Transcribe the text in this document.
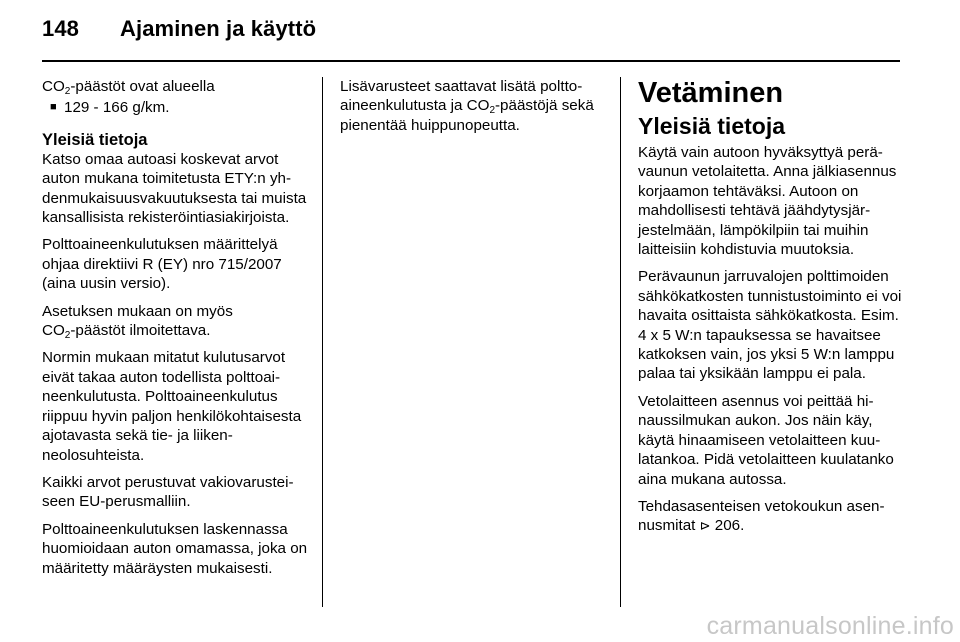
148	Ajaminen ja käyttö

$CO_2$-päästöt ovat alueella

■ 129 - 166 g/km.
Yleisiä tietoja

Katso omaa autoasi koskevat arvot auton mukana toimitetusta ETY:n yhdenmukaisuusvakuutuksesta tai muista kansallisista rekisteröintiasiakirjoista.

Polttoaineenkulutuksen määrittelyä ohjaa direktiivi R (EY) nro 715/2007 (aina uusin versio).

Asetuksen mukaan on myös
$CO_2$-päästöt ilmoitettava.

Normin mukaan mitatut kulutusarvot eivät takaa auton todellista polttoaineenkulutusta. Polttoaineenkulutus riippuu hyvin paljon henkilökohtaisesta ajotavasta sekä tie- ja liikenneolosuhteista.

Kaikki arvot perustuvat vakiovarusteiseen EU-perusmalliin.

Polttoaineenkulutuksen laskennassa huomioidaan auton omamassa, joka on määritetty määräysten mukaisesti.

Lisävarusteet saattavat lisätä polttoaineenkulutusta ja $CO_2$-päästöjä sekä pienentää huippunopeutta.

Vetäminen
Yleisiä tietoja

Käytä vain autoon hyväksyttyä perävaunun vetolaitetta. Anna jälkiasennus korjaamon tehtäväksi. Autoon on mahdollisesti tehtävä jäähdytysjärjestelmään, lämpökilpiin tai muihin laitteisiin kohdistuvia muutoksia.

Perävaunun jarruvalojen polttimoiden sähkökatkosten tunnistustoiminto ei voi havaita osittaista sähkökatkosta. Esim. 4 x 5 W:n tapauksessa se havaitsee katkoksen vain, jos yksi 5 W:n lamppu palaa tai yksikään lamppu ei pala.

Vetolaitteen asennus voi peittää hinaussilmukan aukon. Jos näin käy, käytä hinaamiseen vetolaitteen kuulatankoa. Pidä vetolaitteen kuulatanko aina mukana autossa.

Tehdasasenteisen vetokoukun asennusmitat ⊳ 206.

carmanualsonline.info
